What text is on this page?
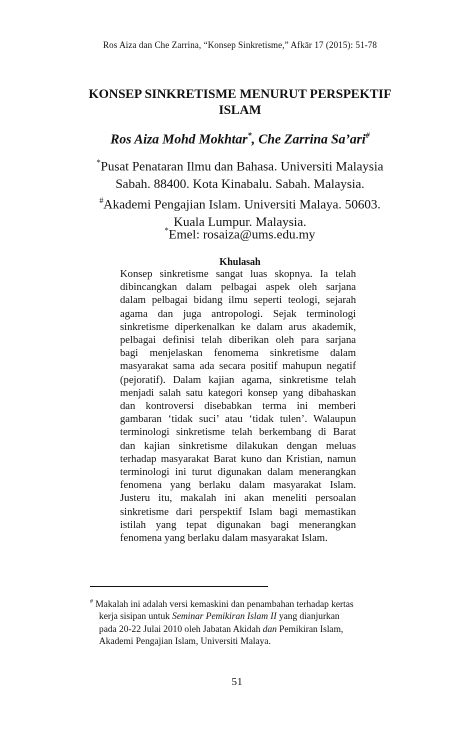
Ros Aiza dan Che Zarrina, “Konsep Sinkretisme,” Afkār 17 (2015): 51-78
KONSEP SINKRETISME MENURUT PERSPEKTIF
ISLAM
Ros Aiza Mohd Mokhtar*, Che Zarrina Sa’ari#
*Pusat Penataran Ilmu dan Bahasa. Universiti Malaysia
Sabah. 88400. Kota Kinabalu. Sabah. Malaysia.
#Akademi Pengajian Islam. Universiti Malaya. 50603.
Kuala Lumpur. Malaysia.
*Emel: rosaiza@ums.edu.my
Khulasah
Konsep sinkretisme sangat luas skopnya. Ia telah
dibincangkan dalam pelbagai aspek oleh sarjana
dalam pelbagai bidang ilmu seperti teologi, sejarah
agama dan juga antropologi. Sejak terminologi
sinkretisme diperkenalkan ke dalam arus akademik,
pelbagai definisi telah diberikan oleh para sarjana
bagi menjelaskan fenomema sinkretisme dalam
masyarakat sama ada secara positif mahupun negatif
(pejoratif). Dalam kajian agama, sinkretisme telah
menjadi salah satu kategori konsep yang dibahaskan
dan kontroversi disebabkan terma ini memberi
gambaran ‘tidak suci’ atau ‘tidak tulen’. Walaupun
terminologi sinkretisme telah berkembang di Barat
dan kajian sinkretisme dilakukan dengan meluas
terhadap masyarakat Barat kuno dan Kristian, namun
terminologi ini turut digunakan dalam menerangkan
fenomena yang berlaku dalam masyarakat Islam.
Justeru itu, makalah ini akan meneliti persoalan
sinkretisme dari perspektif Islam bagi memastikan
istilah yang tepat digunakan bagi menerangkan
fenomena yang berlaku dalam masyarakat Islam.
# Makalah ini adalah versi kemaskini dan penambahan terhadap kertas
kerja sisipan untuk Seminar Pemikiran Islam II yang dianjurkan
pada 20-22 Julai 2010 oleh Jabatan Akidah dan Pemikiran Islam,
Akademi Pengajian Islam, Universiti Malaya.
51
